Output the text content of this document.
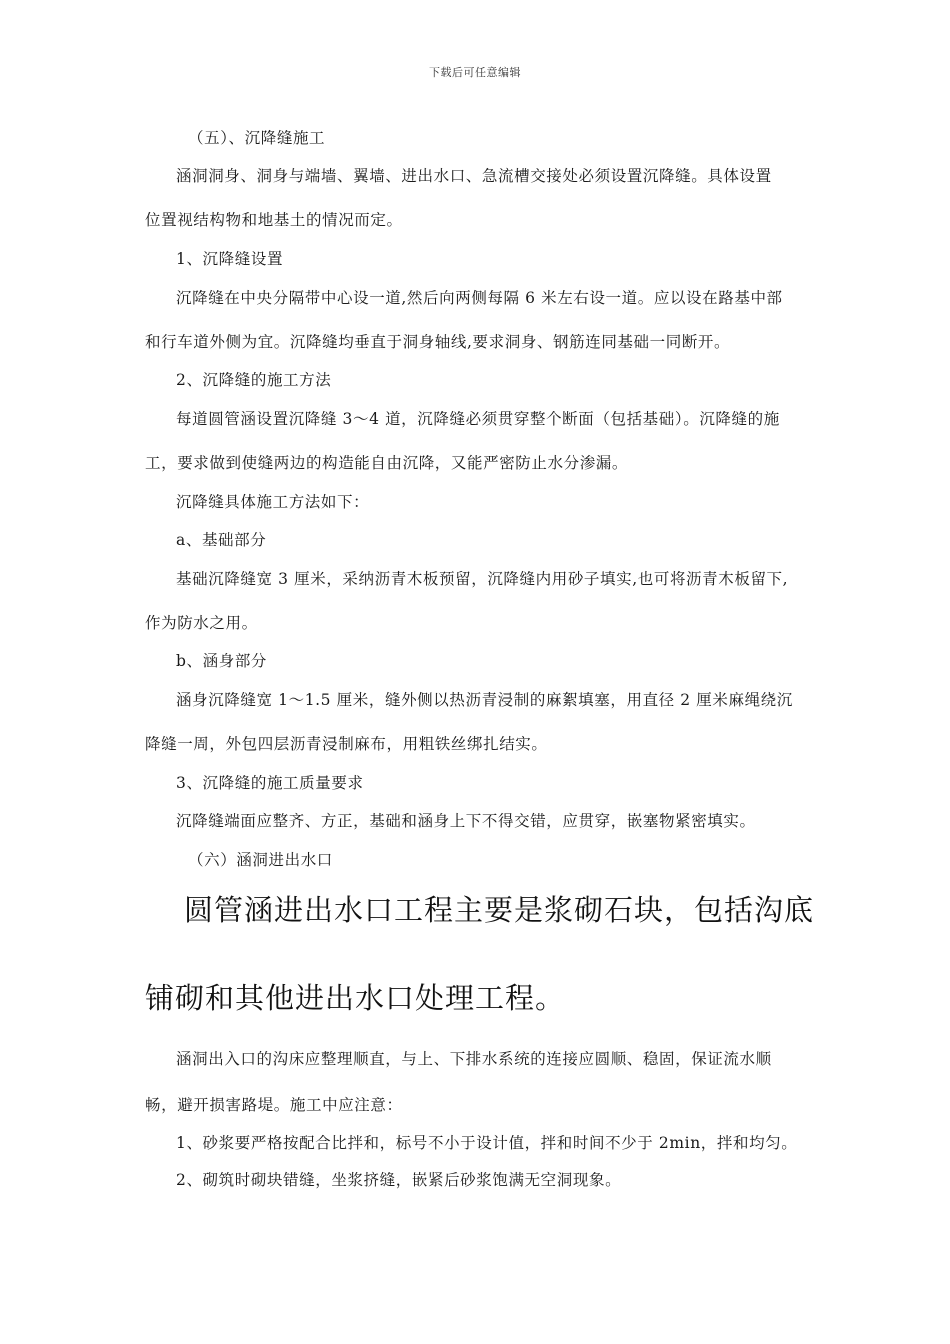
下载后可任意编辑
（五）、沉降缝施工
涵洞洞身、洞身与端墙、翼墙、进出水口、急流槽交接处必须设置沉降缝。具体设置
位置视结构物和地基土的情况而定。
1、沉降缝设置
沉降缝在中央分隔带中心设一道,然后向两侧每隔 6 米左右设一道。应以设在路基中部
和行车道外侧为宜。沉降缝均垂直于洞身轴线,要求洞身、钢筋连同基础一同断开。
2、沉降缝的施工方法
每道圆管涵设置沉降缝 3～4 道，沉降缝必须贯穿整个断面（包括基础）。沉降缝的施
工，要求做到使缝两边的构造能自由沉降，又能严密防止水分渗漏。
沉降缝具体施工方法如下：
a、基础部分
基础沉降缝宽 3 厘米，采纳沥青木板预留，沉降缝内用砂子填实,也可将沥青木板留下,
作为防水之用。
b、涵身部分
涵身沉降缝宽 1～1.5 厘米，缝外侧以热沥青浸制的麻絮填塞，用直径 2 厘米麻绳绕沉
降缝一周，外包四层沥青浸制麻布，用粗铁丝绑扎结实。
3、沉降缝的施工质量要求
沉降缝端面应整齐、方正，基础和涵身上下不得交错，应贯穿，嵌塞物紧密填实。
（六）涵洞进出水口
圆管涵进出水口工程主要是浆砌石块，包括沟底
铺砌和其他进出水口处理工程。
涵洞出入口的沟床应整理顺直，与上、下排水系统的连接应圆顺、稳固，保证流水顺
畅，避开损害路堤。施工中应注意：
1、砂浆要严格按配合比拌和，标号不小于设计值，拌和时间不少于 2min，拌和均匀。
2、砌筑时砌块错缝，坐浆挤缝，嵌紧后砂浆饱满无空洞现象。
